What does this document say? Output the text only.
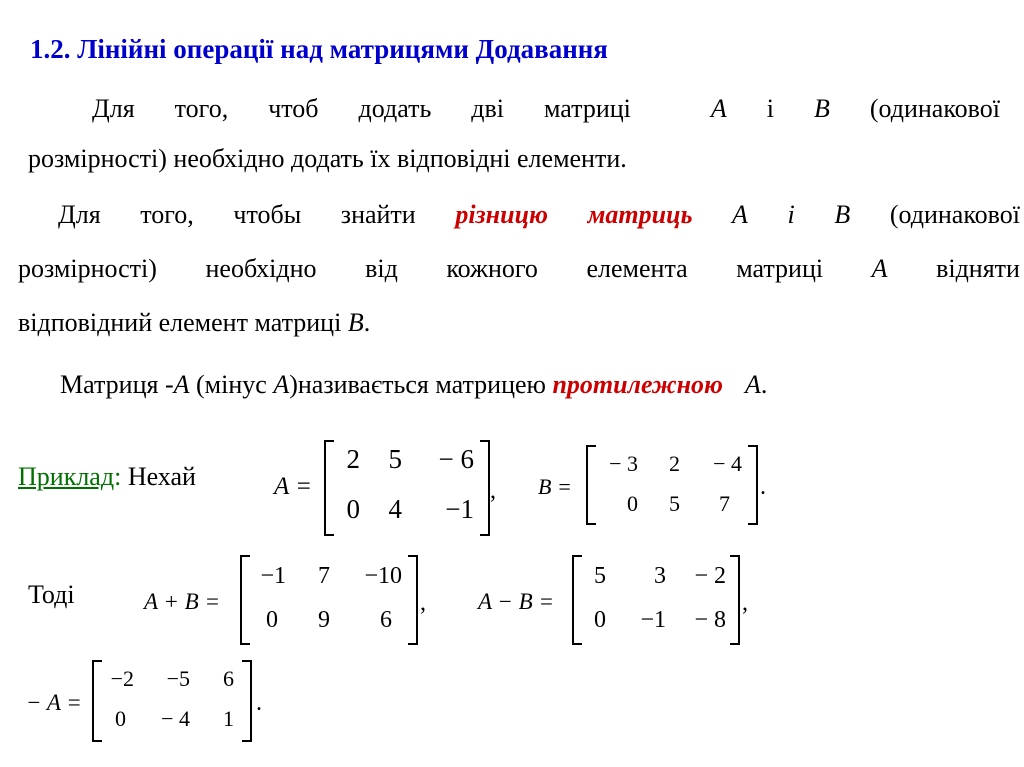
1.2. Лінійні операції над матрицями Додавання
Для того, чтоб додать дві матриці	A і B (одинакової
розмірності) необхідно додать їх відповідні елементи.
Для того, чтобы знайти різницю матриць A і B (одинакової
розмірності) необхідно від кожного елемента матриці A відняти
відповідний елемент матриці B.
Матриця -A (мінус A)називається матрицею протилежною A.
Приклад: Нехай
Тоді
A =
2	5	− 6
0	4	−1
, B =
− 3	2	− 4
0	5	7
.
A + B =
−1	7	−10
0	9	6
, A − B =
5	3	− 2
0	−1	− 8
,
− A =
−2	−5	6
0	− 4	1
.
